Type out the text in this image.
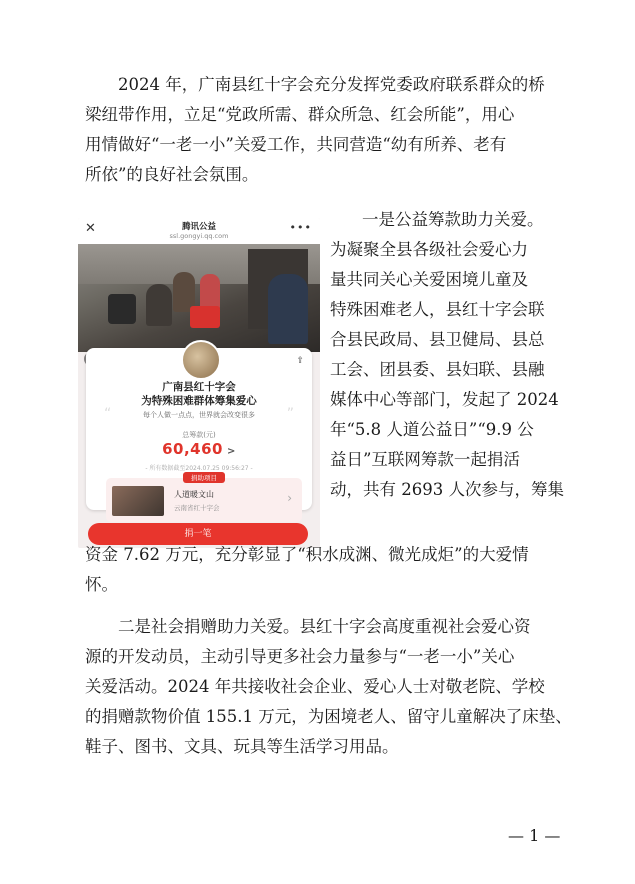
2024 年，广南县红十字会充分发挥党委政府联系群众的桥
梁纽带作用，立足“党政所需、群众所急、红会所能”，用心
用情做好“一老一小”关爱工作，共同营造“幼有所养、老有
所依”的良好社会氛围。
✕	腾讯公益
ssl.gongyi.qq.com
•••
⇪
广南县红十字会
为特殊困难群体筹集爱心
“	每个人做一点点，世界就会改变很多	”
总筹款(元)
60,460 >
- 所有数据截至2024.07.25 09:56:27 -
捐助项目
人道暖文山
云南省红十字会
›
捐一笔
一是公益筹款助力关爱。
为凝聚全县各级社会爱心力
量共同关心关爱困境儿童及
特殊困难老人，县红十字会联
合县民政局、县卫健局、县总
工会、团县委、县妇联、县融
媒体中心等部门，发起了 2024
年“5.8 人道公益日”“9.9 公
益日”互联网筹款一起捐活
动，共有 2693 人次参与，筹集
资金 7.62 万元，充分彰显了“积水成渊、微光成炬”的大爱情
怀。
二是社会捐赠助力关爱。县红十字会高度重视社会爱心资
源的开发动员，主动引导更多社会力量参与“一老一小”关心
关爱活动。2024 年共接收社会企业、爱心人士对敬老院、学校
的捐赠款物价值 155.1 万元，为困境老人、留守儿童解决了床垫、
鞋子、图书、文具、玩具等生活学习用品。
— 1 —
